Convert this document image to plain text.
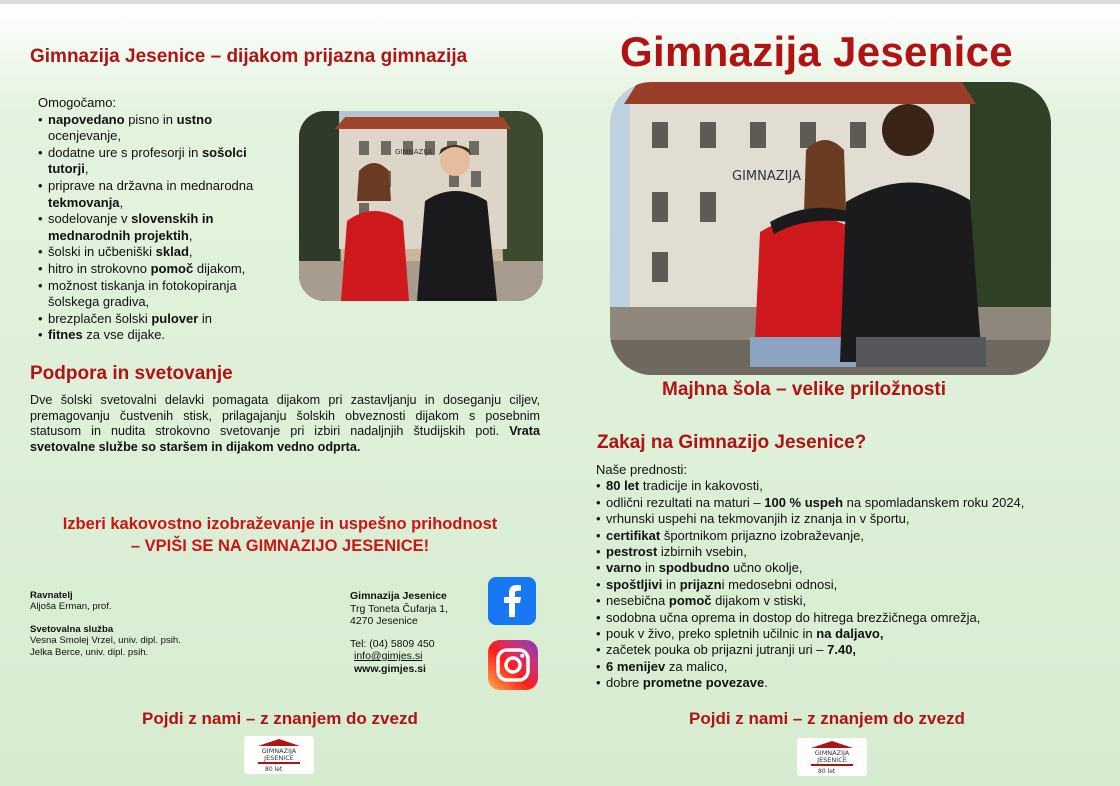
Gimnazija Jesenice – dijakom prijazna gimnazija
Omogočamo:
• napovedano pisno in ustno ocenjevanje,
• dodatne ure s profesorji in sošolci tutorji,
• priprave na državna in mednarodna tekmovanja,
• sodelovanje v slovenskih in mednarodnih projektih,
• šolski in učbeniški sklad,
• hitro in strokovno pomoč dijakom,
• možnost tiskanja in fotokopiranja šolskega gradiva,
• brezplačen šolski pulover in
• fitnes za vse dijake.
GIMNAZIJA
Podpora in svetovanje
Dve šolski svetovalni delavki pomagata dijakom pri zastavljanju in doseganju ciljev, premagovanju čustvenih stisk, prilagajanju šolskih obveznosti dijakom s posebnim statusom in nudita strokovno svetovanje pri izbiri nadaljnjih študijskih poti. Vrata svetovalne službe so staršem in dijakom vedno odprta.
Izberi kakovostno izobraževanje in uspešno prihodnost
– VPIŠI SE NA GIMNAZIJO JESENICE!
Ravnatelj
Aljoša Erman, prof.
Svetovalna služba
Vesna Smolej Vrzel, univ. dipl. psih.
Jelka Berce, univ. dipl. psih.
Gimnazija Jesenice
Trg Toneta Čufarja 1,
4270 Jesenice
Tel: (04) 5809 450
info@gimjes.si
www.gimjes.si
Pojdi z nami – z znanjem do zvezd
GIMNAZIJA
JESENICE
80 let
Gimnazija Jesenice
GIMNAZIJA
Majhna šola – velike priložnosti
Zakaj na Gimnazijo Jesenice?
Naše prednosti:
• 80 let tradicije in kakovosti,
• odlični rezultati na maturi – 100 % uspeh na spomladanskem roku 2024,
• vrhunski uspehi na tekmovanjih iz znanja in v športu,
• certifikat športnikom prijazno izobraževanje,
• pestrost izbirnih vsebin,
• varno in spodbudno učno okolje,
• spoštljivi in prijazni medosebni odnosi,
• nesebična pomoč dijakom v stiski,
• sodobna učna oprema in dostop do hitrega brezžičnega omrežja,
• pouk v živo, preko spletnih učilnic in na daljavo,
• začetek pouka ob prijazni jutranji uri – 7.40,
• 6 menijev za malico,
• dobre prometne povezave.
Pojdi z nami – z znanjem do zvezd
GIMNAZIJA
JESENICE
80 let
